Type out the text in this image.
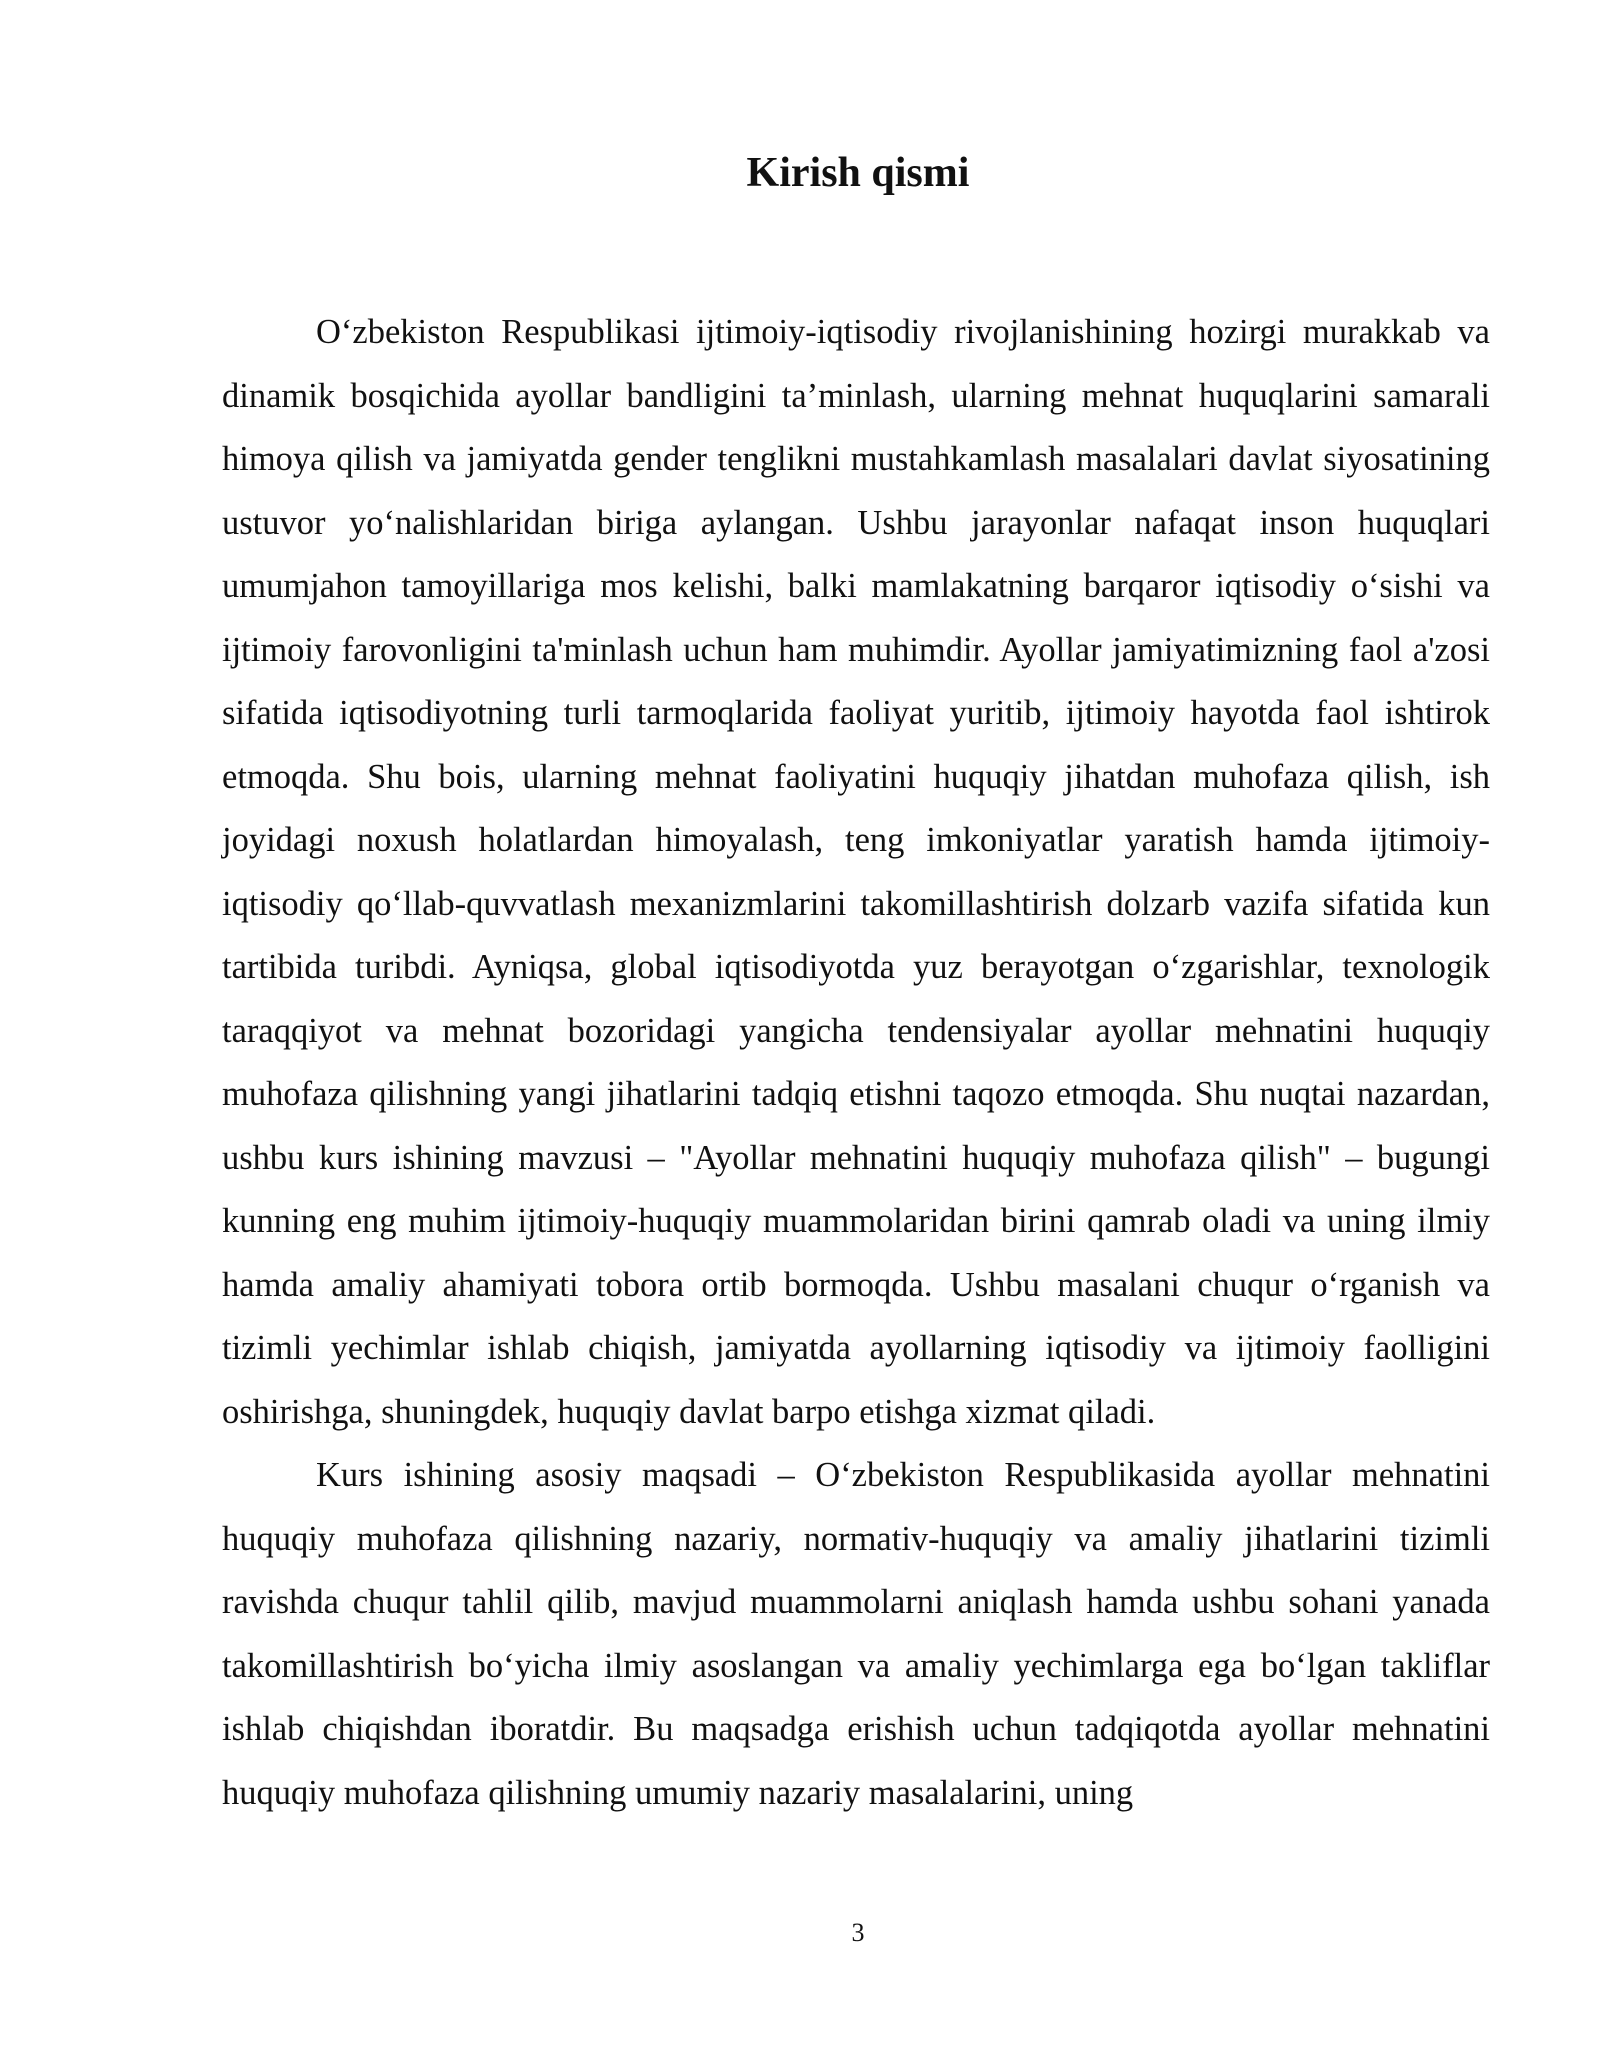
Kirish qismi

O‘zbekiston Respublikasi ijtimoiy-iqtisodiy rivojlanishining hozirgi murakkab va dinamik bosqichida ayollar bandligini ta’minlash, ularning mehnat huquqlarini samarali himoya qilish va jamiyatda gender tenglikni mustahkamlash masalalari davlat siyosatining ustuvor yo‘nalishlaridan biriga aylangan. Ushbu jarayonlar nafaqat inson huquqlari umumjahon tamoyillariga mos kelishi, balki mamlakatning barqaror iqtisodiy o‘sishi va ijtimoiy farovonligini ta'minlash uchun ham muhimdir. Ayollar jamiyatimizning faol a'zosi sifatida iqtisodiyotning turli tarmoqlarida faoliyat yuritib, ijtimoiy hayotda faol ishtirok etmoqda. Shu bois, ularning mehnat faoliyatini huquqiy jihatdan muhofaza qilish, ish joyidagi noxush holatlardan himoyalash, teng imkoniyatlar yaratish hamda ijtimoiy-iqtisodiy qo‘llab-quvvatlash mexanizmlarini takomillashtirish dolzarb vazifa sifatida kun tartibida turibdi. Ayniqsa, global iqtisodiyotda yuz berayotgan o‘zgarishlar, texnologik taraqqiyot va mehnat bozoridagi yangicha tendensiyalar ayollar mehnatini huquqiy muhofaza qilishning yangi jihatlarini tadqiq etishni taqozo etmoqda. Shu nuqtai nazardan, ushbu kurs ishining mavzusi – "Ayollar mehnatini huquqiy muhofaza qilish" – bugungi kunning eng muhim ijtimoiy-huquqiy muammolaridan birini qamrab oladi va uning ilmiy hamda amaliy ahamiyati tobora ortib bormoqda. Ushbu masalani chuqur o‘rganish va tizimli yechimlar ishlab chiqish, jamiyatda ayollarning iqtisodiy va ijtimoiy faolligini oshirishga, shuningdek, huquqiy davlat barpo etishga xizmat qiladi.

Kurs ishining asosiy maqsadi – O‘zbekiston Respublikasida ayollar mehnatini huquqiy muhofaza qilishning nazariy, normativ-huquqiy va amaliy jihatlarini tizimli ravishda chuqur tahlil qilib, mavjud muammolarni aniqlash hamda ushbu sohani yanada takomillashtirish bo‘yicha ilmiy asoslangan va amaliy yechimlarga ega bo‘lgan takliflar ishlab chiqishdan iboratdir. Bu maqsadga erishish uchun tadqiqotda ayollar mehnatini huquqiy muhofaza qilishning umumiy nazariy masalalarini, uning

3
